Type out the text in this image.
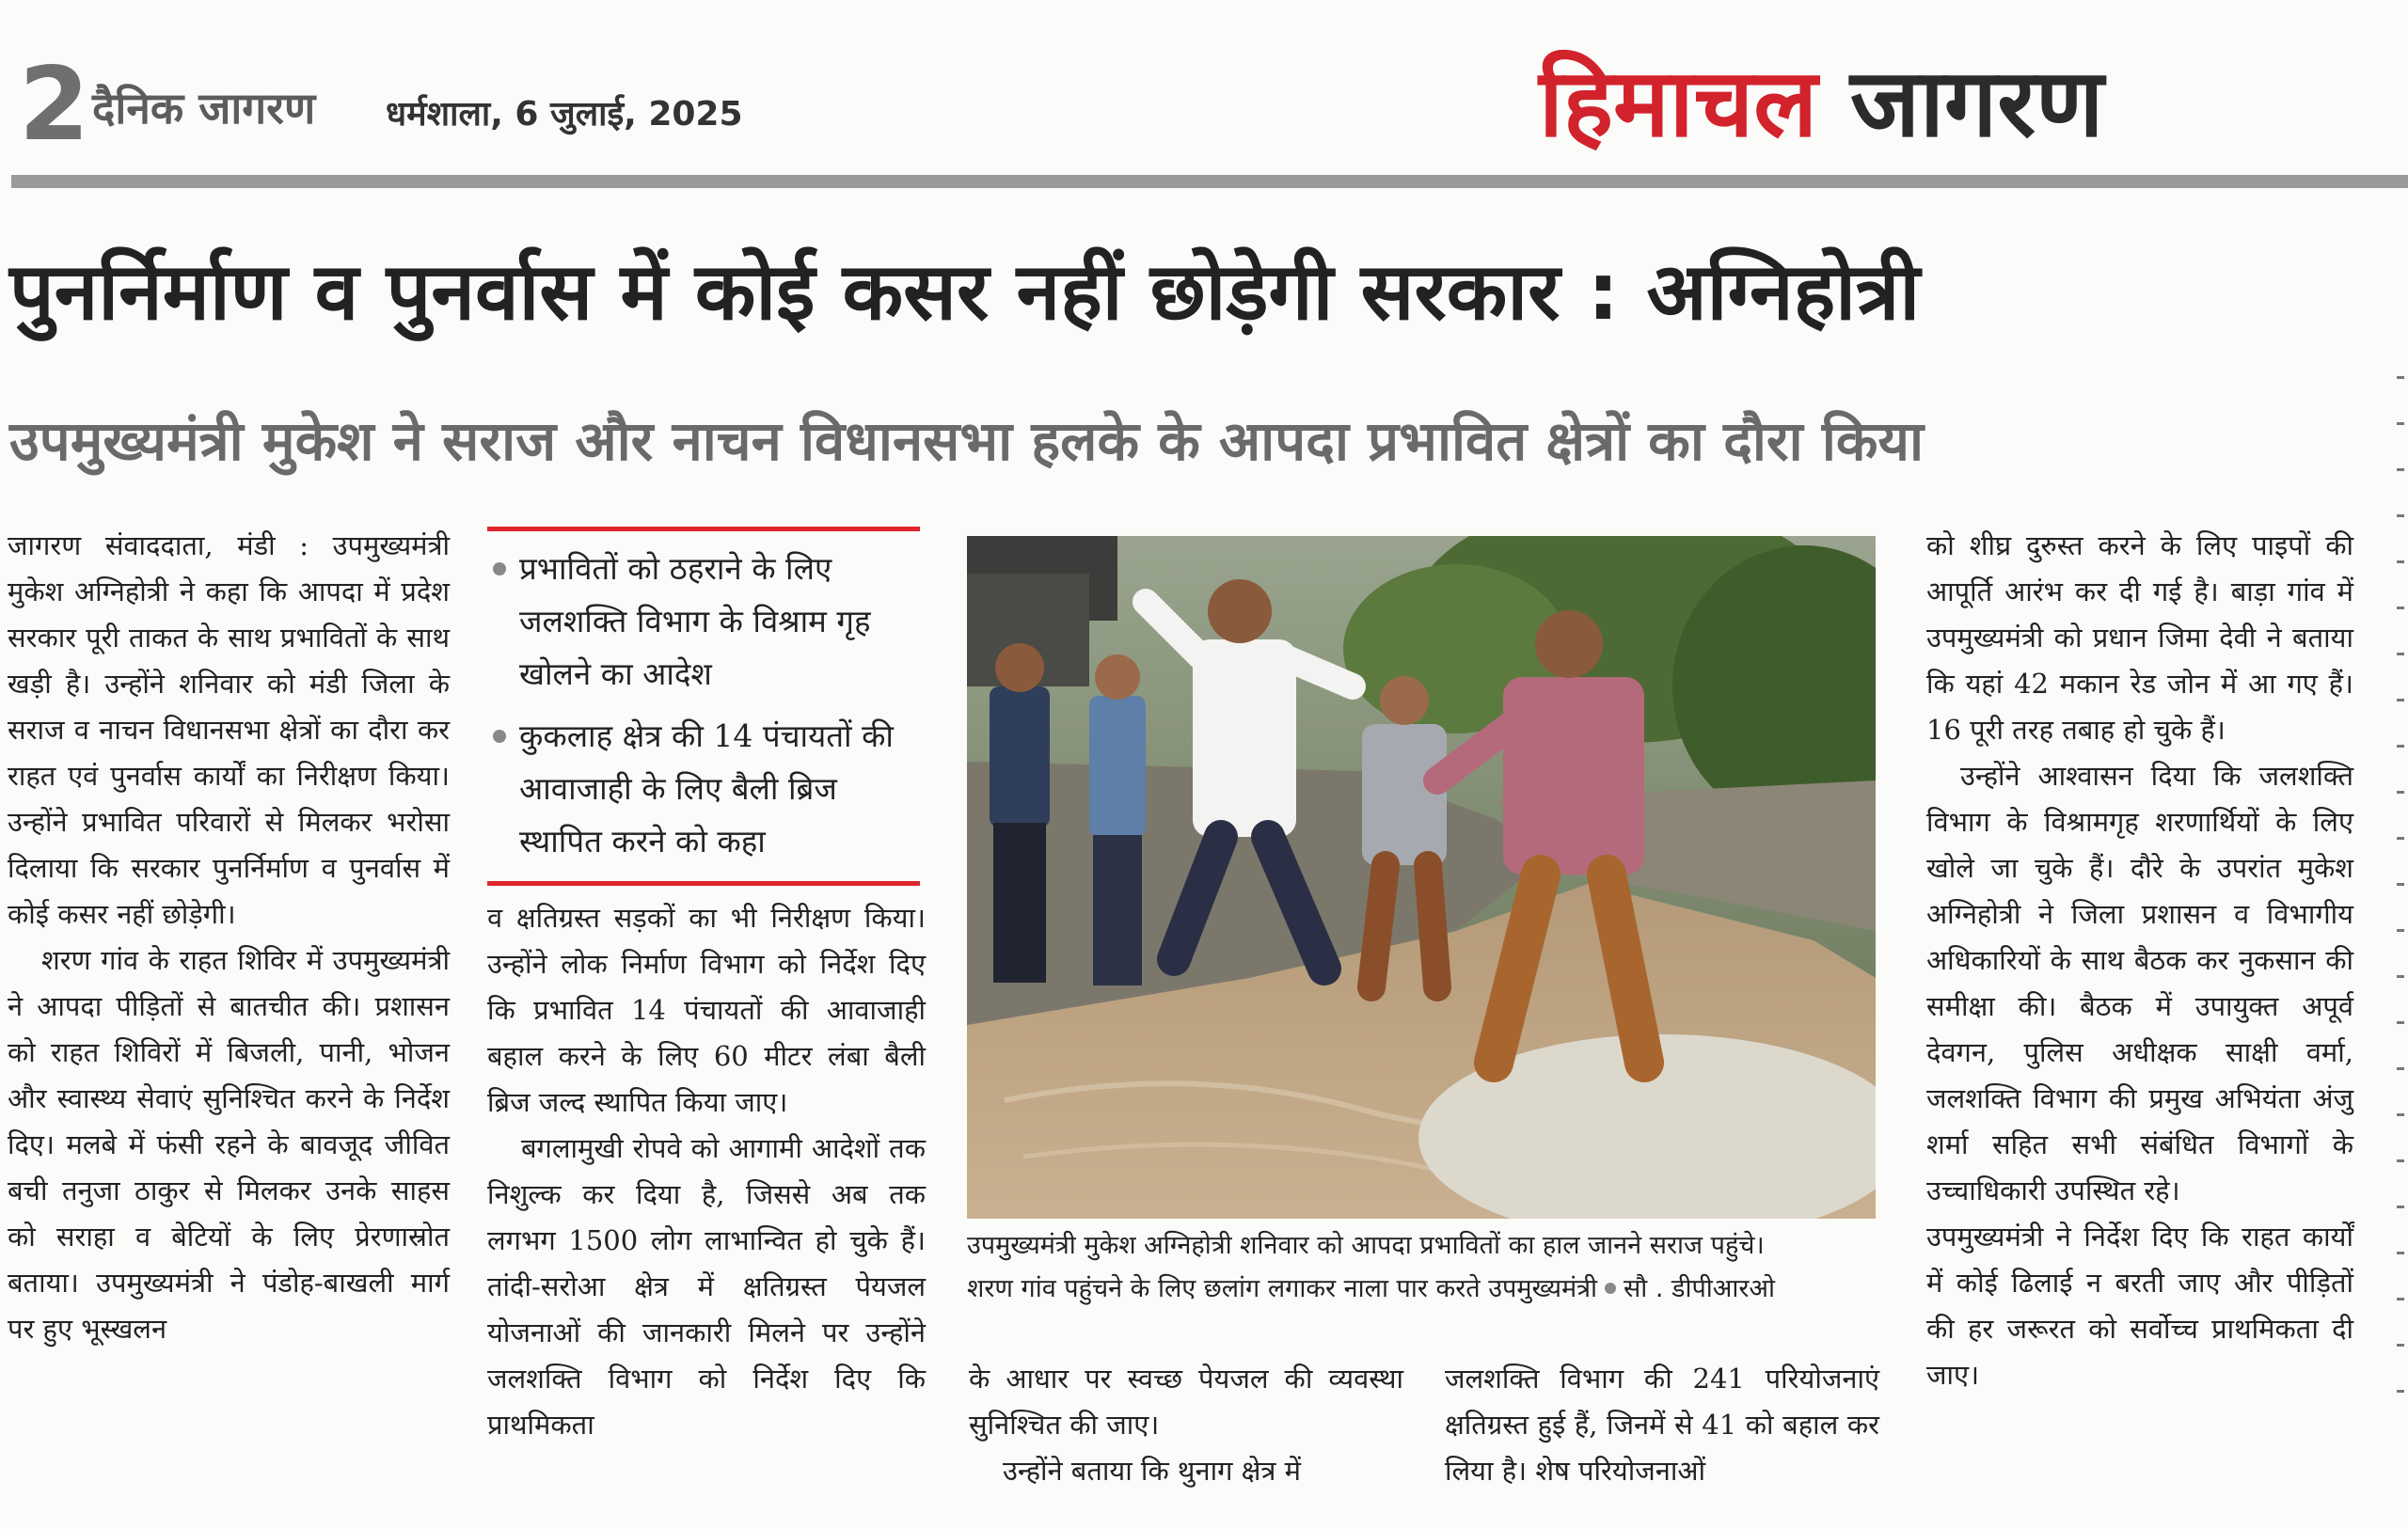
2 दैनिक जागरण धर्मशाला, 6 जुलाई, 2025	हिमाचल जागरण
पुनर्निर्माण व पुनर्वास में कोई कसर नहीं छोड़ेगी सरकार : अग्निहोत्री
उपमुख्यमंत्री मुकेश ने सराज और नाचन विधानसभा हलके के आपदा प्रभावित क्षेत्रों का दौरा किया

जागरण संवाददाता, मंडी : उपमुख्यमंत्री मुकेश अग्निहोत्री ने कहा कि आपदा में प्रदेश सरकार पूरी ताकत के साथ प्रभावितों के साथ खड़ी है। उन्होंने शनिवार को मंडी जिला के सराज व नाचन विधानसभा क्षेत्रों का दौरा कर राहत एवं पुनर्वास कार्यों का निरीक्षण किया। उन्होंने प्रभावित परिवारों से मिलकर भरोसा दिलाया कि सरकार पुनर्निर्माण व पुनर्वास में कोई कसर नहीं छोड़ेगी।

शरण गांव के राहत शिविर में उपमुख्यमंत्री ने आपदा पीड़ितों से बातचीत की। प्रशासन को राहत शिविरों में बिजली, पानी, भोजन और स्वास्थ्य सेवाएं सुनिश्चित करने के निर्देश दिए। मलबे में फंसी रहने के बावजूद जीवित बची तनुजा ठाकुर से मिलकर उनके साहस को सराहा व बेटियों के लिए प्रेरणास्रोत बताया। उपमुख्यमंत्री ने पंडोह-बाखली मार्ग पर हुए भूस्खलन

प्रभावितों को ठहराने के लिए जलशक्ति विभाग के विश्राम गृह खोलने का आदेश
कुकलाह क्षेत्र की 14 पंचायतों की आवाजाही के लिए बैली ब्रिज स्थापित करने को कहा

व क्षतिग्रस्त सड़कों का भी निरीक्षण किया। उन्होंने लोक निर्माण विभाग को निर्देश दिए कि प्रभावित 14 पंचायतों की आवाजाही बहाल करने के लिए 60 मीटर लंबा बैली ब्रिज जल्द स्थापित किया जाए।

बगलामुखी रोपवे को आगामी आदेशों तक निशुल्क कर दिया है, जिससे अब तक लगभग 1500 लोग लाभान्वित हो चुके हैं। तांदी-सरोआ क्षेत्र में क्षतिग्रस्त पेयजल योजनाओं की जानकारी मिलने पर उन्होंने जलशक्ति विभाग को निर्देश दिए कि प्राथमिकता

उपमुख्यमंत्री मुकेश अग्निहोत्री शनिवार को आपदा प्रभावितों का हाल जानने सराज पहुंचे।
शरण गांव पहुंचने के लिए छलांग लगाकर नाला पार करते उपमुख्यमंत्री सौ . डीपीआरओ

के आधार पर स्वच्छ पेयजल की व्यवस्था सुनिश्चित की जाए।

उन्होंने बताया कि थुनाग क्षेत्र में

जलशक्ति विभाग की 241 परियोजनाएं क्षतिग्रस्त हुई हैं, जिनमें से 41 को बहाल कर लिया है। शेष परियोजनाओं

को शीघ्र दुरुस्त करने के लिए पाइपों की आपूर्ति आरंभ कर दी गई है। बाड़ा गांव में उपमुख्यमंत्री को प्रधान जिमा देवी ने बताया कि यहां 42 मकान रेड जोन में आ गए हैं। 16 पूरी तरह तबाह हो चुके हैं।

उन्होंने आश्वासन दिया कि जलशक्ति विभाग के विश्रामगृह शरणार्थियों के लिए खोले जा चुके हैं। दौरे के उपरांत मुकेश अग्निहोत्री ने जिला प्रशासन व विभागीय अधिकारियों के साथ बैठक कर नुकसान की समीक्षा की। बैठक में उपायुक्त अपूर्व देवगन, पुलिस अधीक्षक साक्षी वर्मा, जलशक्ति विभाग की प्रमुख अभियंता अंजु शर्मा सहित सभी संबंधित विभागों के उच्चाधिकारी उपस्थित रहे।

उपमुख्यमंत्री ने निर्देश दिए कि राहत कार्यों में कोई ढिलाई न बरती जाए और पीड़ितों की हर जरूरत को सर्वोच्च प्राथमिकता दी जाए।
